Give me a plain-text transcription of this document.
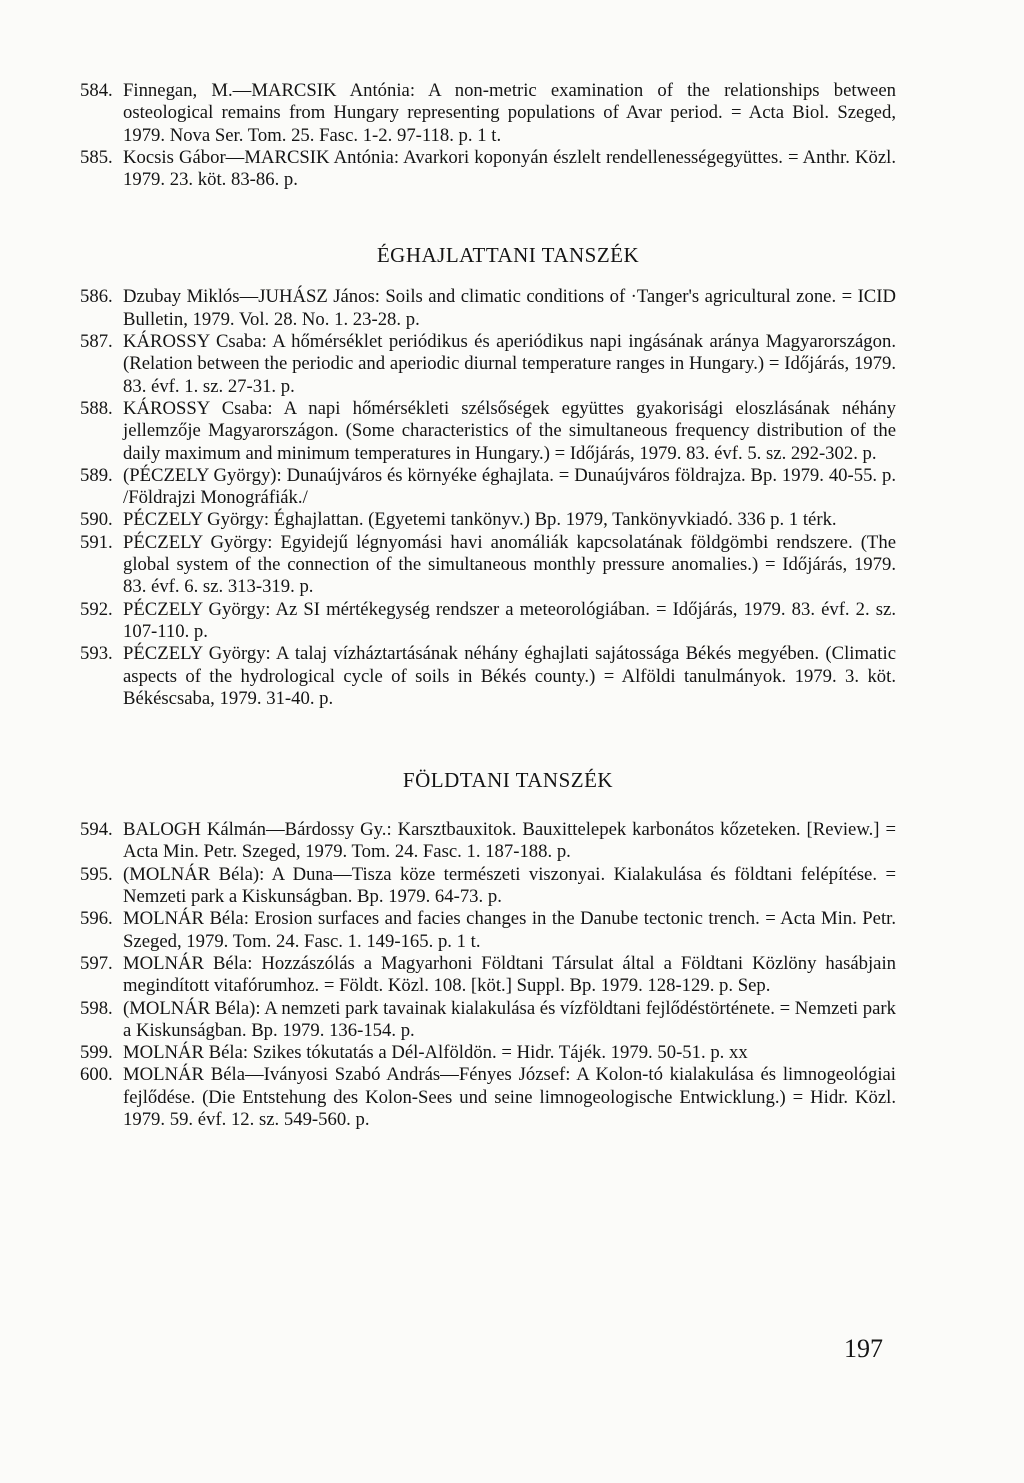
584. Finnegan, M.—MARCSIK Antónia: A non-metric examination of the relationships between osteological remains from Hungary representing populations of Avar period. = Acta Biol. Szeged, 1979. Nova Ser. Tom. 25. Fasc. 1-2. 97-118. p. 1 t.
585. Kocsis Gábor—MARCSIK Antónia: Avarkori koponyán észlelt rendellenességegyüttes. = Anthr. Közl. 1979. 23. köt. 83-86. p.
ÉGHAJLATTANI TANSZÉK
586. Dzubay Miklós—JUHÁSZ János: Soils and climatic conditions of ·Tanger's agricultural zone. = ICID Bulletin, 1979. Vol. 28. No. 1. 23-28. p.
587. KÁROSSY Csaba: A hőmérséklet periódikus és aperiódikus napi ingásának aránya Magyarországon. (Relation between the periodic and aperiodic diurnal temperature ranges in Hungary.) = Időjárás, 1979. 83. évf. 1. sz. 27-31. p.
588. KÁROSSY Csaba: A napi hőmérsékleti szélsőségek együttes gyakorisági eloszlásának néhány jellemzője Magyarországon. (Some characteristics of the simultaneous frequency distribution of the daily maximum and minimum temperatures in Hungary.) = Időjárás, 1979. 83. évf. 5. sz. 292-302. p.
589. (PÉCZELY György): Dunaújváros és környéke éghajlata. = Dunaújváros földrajza. Bp. 1979. 40-55. p. /Földrajzi Monográfiák./
590. PÉCZELY György: Éghajlattan. (Egyetemi tankönyv.) Bp. 1979, Tankönyvkiadó. 336 p. 1 térk.
591. PÉCZELY György: Egyidejű légnyomási havi anomáliák kapcsolatának földgömbi rendszere. (The global system of the connection of the simultaneous monthly pressure anomalies.) = Időjárás, 1979. 83. évf. 6. sz. 313-319. p.
592. PÉCZELY György: Az SI mértékegység rendszer a meteorológiában. = Időjárás, 1979. 83. évf. 2. sz. 107-110. p.
593. PÉCZELY György: A talaj vízháztartásának néhány éghajlati sajátossága Békés megyében. (Climatic aspects of the hydrological cycle of soils in Békés county.) = Alföldi tanulmányok. 1979. 3. köt. Békéscsaba, 1979. 31-40. p.
FÖLDTANI TANSZÉK
594. BALOGH Kálmán—Bárdossy Gy.: Karsztbauxitok. Bauxittelepek karbonátos kőzeteken. [Review.] = Acta Min. Petr. Szeged, 1979. Tom. 24. Fasc. 1. 187-188. p.
595. (MOLNÁR Béla): A Duna—Tisza köze természeti viszonyai. Kialakulása és földtani felépítése. = Nemzeti park a Kiskunságban. Bp. 1979. 64-73. p.
596. MOLNÁR Béla: Erosion surfaces and facies changes in the Danube tectonic trench. = Acta Min. Petr. Szeged, 1979. Tom. 24. Fasc. 1. 149-165. p. 1 t.
597. MOLNÁR Béla: Hozzászólás a Magyarhoni Földtani Társulat által a Földtani Közlöny hasábjain megindított vitafórumhoz. = Földt. Közl. 108. [köt.] Suppl. Bp. 1979. 128-129. p. Sep.
598. (MOLNÁR Béla): A nemzeti park tavainak kialakulása és vízföldtani fejlődéstörténete. = Nemzeti park a Kiskunságban. Bp. 1979. 136-154. p.
599. MOLNÁR Béla: Szikes tókutatás a Dél-Alföldön. = Hidr. Tájék. 1979. 50-51. p. xx
600. MOLNÁR Béla—Iványosi Szabó András—Fényes József: A Kolon-tó kialakulása és limnogeológiai fejlődése. (Die Entstehung des Kolon-Sees und seine limnogeologische Entwicklung.) = Hidr. Közl. 1979. 59. évf. 12. sz. 549-560. p.
197
